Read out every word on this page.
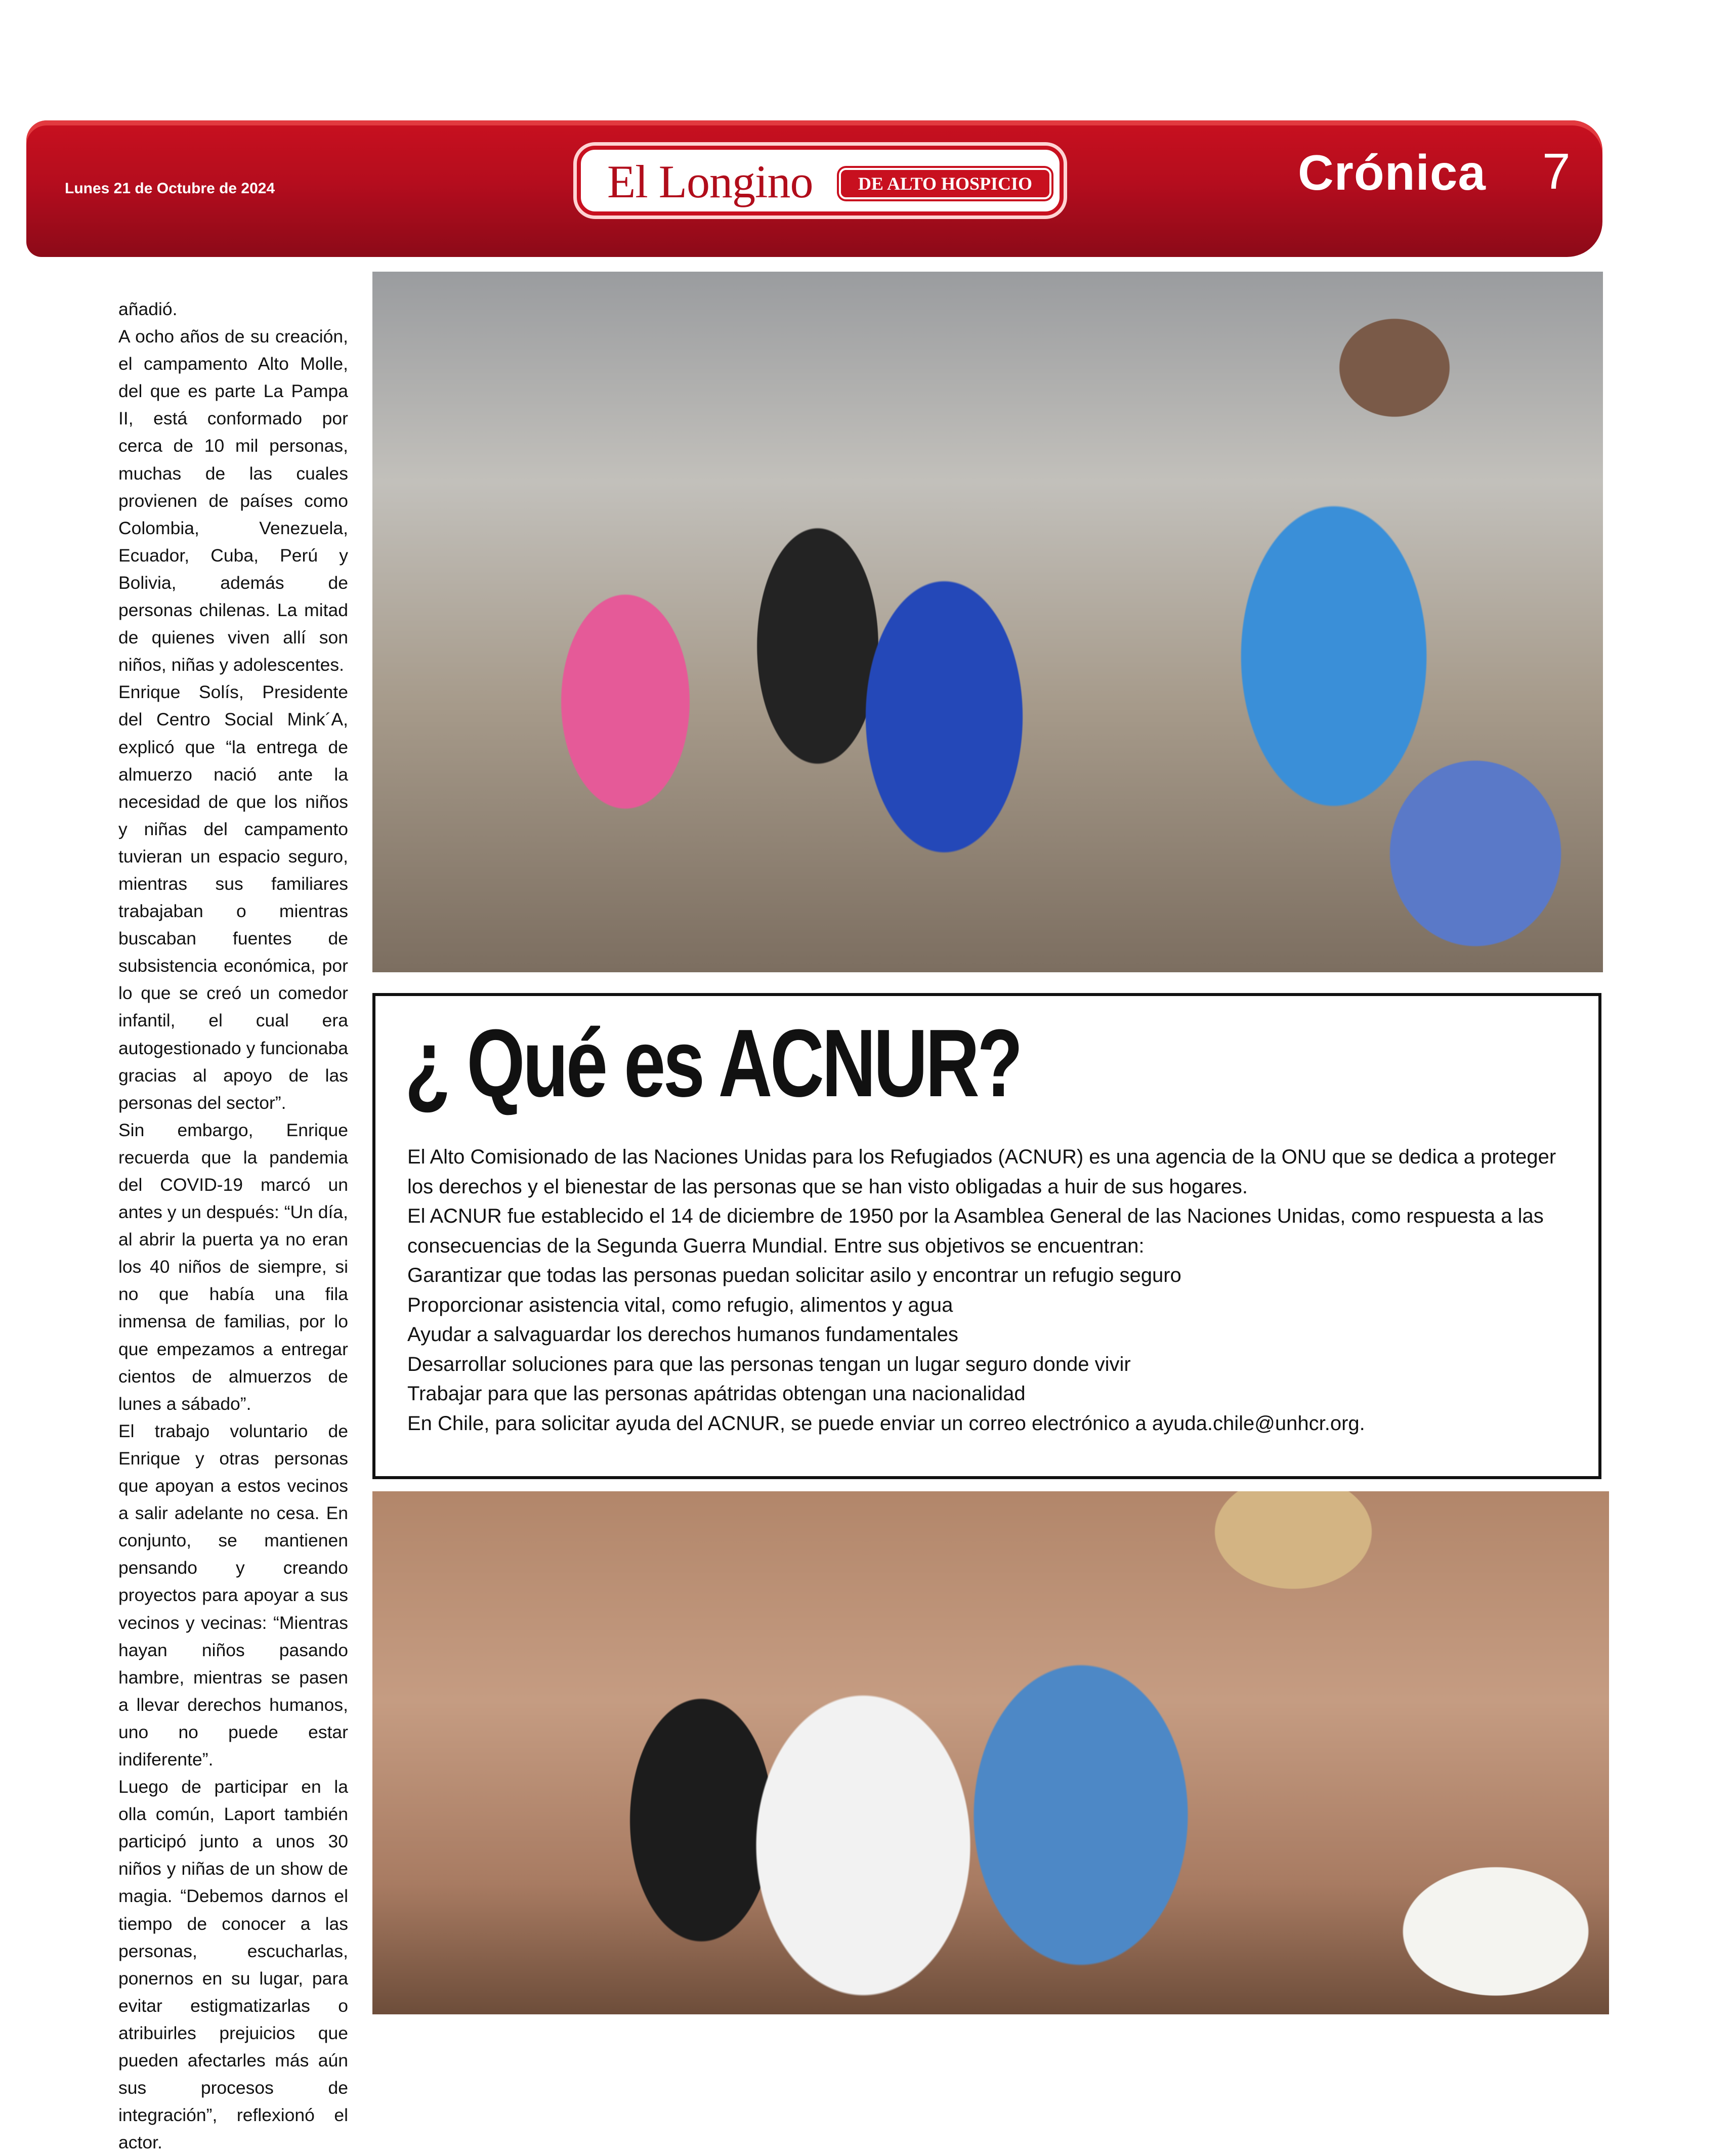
Lunes 21 de Octubre de 2024	El Longino	DE ALTO HOSPICIO	Crónica 7

añadió.

A ocho años de su creación, el campamento Alto Molle, del que es parte La Pampa II, está conformado por cerca de 10 mil personas, muchas de las cuales provienen de países como Colombia, Venezuela, Ecuador, Cuba, Perú y Bolivia, además de personas chilenas. La mitad de quienes viven allí son niños, niñas y adolescentes.

Enrique Solís, Presidente del Centro Social Mink´A, explicó que “la entrega de almuerzo nació ante la necesidad de que los niños y niñas del campamento tuvieran un espacio seguro, mientras sus familiares trabajaban o mientras buscaban fuentes de subsistencia económica, por lo que se creó un comedor infantil, el cual era autogestionado y funcionaba gracias al apoyo de las personas del sector”.

Sin embargo, Enrique recuerda que la pandemia del COVID-19 marcó un antes y un después: “Un día, al abrir la puerta ya no eran los 40 niños de siempre, si no que había una fila inmensa de familias, por lo que empezamos a entregar cientos de almuerzos de lunes a sábado”.

El trabajo voluntario de Enrique y otras personas que apoyan a estos vecinos a salir adelante no cesa. En conjunto, se mantienen pensando y creando proyectos para apoyar a sus vecinos y vecinas: “Mientras hayan niños pasando hambre, mientras se pasen a llevar derechos humanos, uno no puede estar indiferente”.

Luego de participar en la olla común, Laport también participó junto a unos 30 niños y niñas de un show de magia. “Debemos darnos el tiempo de conocer a las personas, escucharlas, ponernos en su lugar, para evitar estigmatizarlas o atribuirles prejuicios que pueden afectarles más aún sus procesos de integración”, reflexionó el actor.

¿ Qué es ACNUR?

El Alto Comisionado de las Naciones Unidas para los Refugiados (ACNUR) es una agencia de la ONU que se dedica a proteger los derechos y el bienestar de las personas que se han visto obligadas a huir de sus hogares.

El ACNUR fue establecido el 14 de diciembre de 1950 por la Asamblea General de las Naciones Unidas, como respuesta a las consecuencias de la Segunda Guerra Mundial. Entre sus objetivos se encuentran:

Garantizar que todas las personas puedan solicitar asilo y encontrar un refugio seguro

Proporcionar asistencia vital, como refugio, alimentos y agua

Ayudar a salvaguardar los derechos humanos fundamentales

Desarrollar soluciones para que las personas tengan un lugar seguro donde vivir

Trabajar para que las personas apátridas obtengan una nacionalidad

En Chile, para solicitar ayuda del ACNUR, se puede enviar un correo electrónico a ayuda.chile@unhcr.org.
